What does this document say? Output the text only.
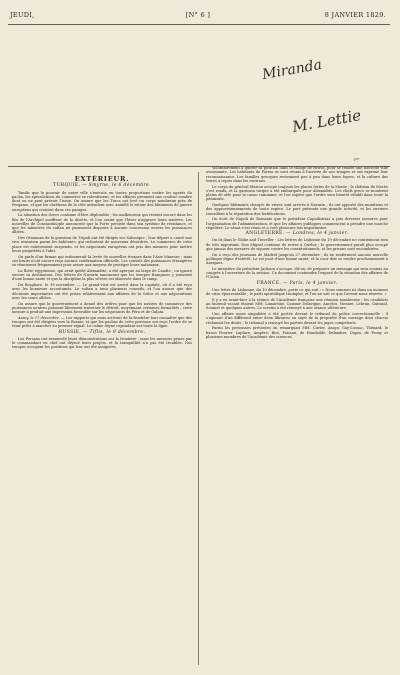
JEUDI,	[N° 6 ]	8 JANVIER 1829.
Miranda
M. Lettie
pe-
EXTÉRIEUR.
TURQUIE. — Smyrne, le 6 décembre.

Tandis que le pouvoir de notre ville s'exécute en toutes proportions contre les agents du pacha, les spéculations du commerce se ralentissent, et les affaires prennent une couleur sombre dont on ne peut prévoir l'issue. On assure que les Turcs ont levé un corps nombreux près de Pergame, et que les chrétiens de la côte attendent avec anxiété le retour des bâtiments de guerre européens qui croisent dans ces parages.

La situation des Grecs continue d'être déplorable ; les malheureux qui restent encore dans les îles de l'Archipel souffrent de la disette, et l'on craint que l'hiver n'aggrave leurs misères. Les nouvelles de Constantinople annoncent que la Porte persiste dans son système de résistance, et que les ministres du sultan ne paraissent disposés à aucune concession envers les puissances alliées.

Des Ottomans de la garnison de Tripoli ont été dirigés sur Salonique ; leur départ a causé une vive sensation parmi les habitants, qui redoutent de nouveaux désordres. Le commerce de cette place est entièrement suspendu, et les négociants européens ont pris des mesures pour mettre leurs propriétés à l'abri.

On parle d'un firman qui ordonnerait la levée de nouvelles troupes dans l'Asie Mineure ; mais ces bruits n'ont encore reçu aucune confirmation officielle. Les consuls des puissances étrangères se réunissent fréquemment pour aviser aux moyens de protéger leurs nationaux.

La flotte égyptienne, qui avait quitté Alexandrie, a été aperçue au large de Candie ; on ignore encore sa destination. Des lettres de Navarin annoncent que les troupes françaises y jouissent d'une bonne santé et que la discipline la plus sévère est observée dans le camp.

Du Bosphore, le 19 novembre. — Le grand-visir est arrivé dans la capitale, où il a été reçu avec les honneurs accoutumés. Le sultan a tenu plusieurs conseils, et l'on assure que des décisions importantes ont été prises relativement aux affaires de la Grèce et aux négociations avec les cours alliées.

On assure que le gouvernement a donné des ordres pour que les navires de commerce des puissances neutres puissent librement traverser le détroit, moyennant certaines formalités ; cette mesure a produit une impression favorable sur les négociants de Péra et de Galata.

Assey, le 17 décembre. — Les rapports qui nous arrivent de la frontière font connaître que des troupes ont été dirigées vers la Bosnie, et que les pachas de cette province ont reçu l'ordre de se tenir prêts à marcher au premier signal. Le calme règne cependant sur toute la ligne.

RUSSIE. — Tiflis, le 9 décembre.

Les Persans ont renouvelé leurs démonstrations sur la frontière ; mais les mesures prises par le commandant en chef ont déjoué leurs projets, et la tranquillité n'a pas été troublée. Nos troupes occupent les positions qui leur ont été assignées.

Volontairement à quitter sa position dans le village de Patras, pour se rendre une nouvelle ville avoisinante. Les habitants de Patras se sont réunis à l'arrivée de nos troupes et ont exprimé leur reconnaissance. Les familles grecques reviennent peu à peu dans leurs foyers, et la culture des terres a repris dans les environs.

Le corps du général Maison occupe toujours les places fortes de la Morée ; le château de Morée s'est rendu, et la garnison turque a été embarquée pour Alexandrie. Les chefs grecs se montrent pleins de zèle pour la cause commune, et l'on espère que l'ordre sera bientôt rétabli dans toute la péninsule.

Quelques bâtiments chargés de vivres sont arrivés à Navarin ; ils ont apporté des munitions et des approvisionnements de toute espèce. Le port présente une grande activité, et les ouvriers travaillent à la réparation des fortifications.

On écrit de Napoli de Romanie que le président Capodistrias a pris diverses mesures pour l'organisation de l'administration, et que les affaires publiques commencent à prendre une marche régulière. Le sénat s'est réuni et a voté plusieurs lois importantes.

ANGLETERRE. — Londres, le 4 janvier.

On lit dans le Globe and Traveller : Les lettres de Lisbonne du 19 décembre ne contiennent rien de très important. Don Miguel continue de rester à Queluz ; le gouvernement paraît plus occupé que jamais des mesures de rigueur contre les constitutionnels, et les prisons sont encombrées.

On a reçu des journaux de Madrid jusqu'au 27 décembre ; ils ne renferment aucune nouvelle politique digne d'intérêt. Le roi jouit d'une bonne santé, et la cour doit se rendre prochainement à Aranjuez.

Le ministère du président Jackson s'occupe, dit-on, de préparer un message qui sera soumis au congrès à l'ouverture de la session. Ce document contiendra l'exposé de la situation des affaires de l'Union.

FRANCE. — Paris, le 4 janvier.

Une lettre de Lisbonne, du 10 décembre, porte ce qui suit : « Nous sommes ici dans un moment de crise épouvantable ; le parti apostolique triomphe, et l'on ne sait ce que l'avenir nous réserve. »

Il y a eu avant-hier à la séance de l'Académie française une réunion nombreuse ; les candidats au fauteuil vacant étaient MM. Lamartine, Casimir Delavigne, Ancelot, Viennet, Lebrun, Guiraud, Soumet et quelques autres. Le scrutin a été renvoyé à une séance ultérieure.

Une affaire assez singulière a été portée devant le tribunal de police correctionnelle : il s'agissait d'un différend entre deux libraires au sujet de la propriété d'un ouvrage dont chacun réclamait les droits ; le tribunal a renvoyé les parties devant les juges compétents.

Parmi les personnes présentes on remarquait MM. Cuvier, Arago, Gay-Lussac, Thénard, le baron Fourier, Laplace, Ampère, Biot, Poisson, de Humboldt, Delambre, Dupin, de Prony et plusieurs membres de l'Académie des sciences.
